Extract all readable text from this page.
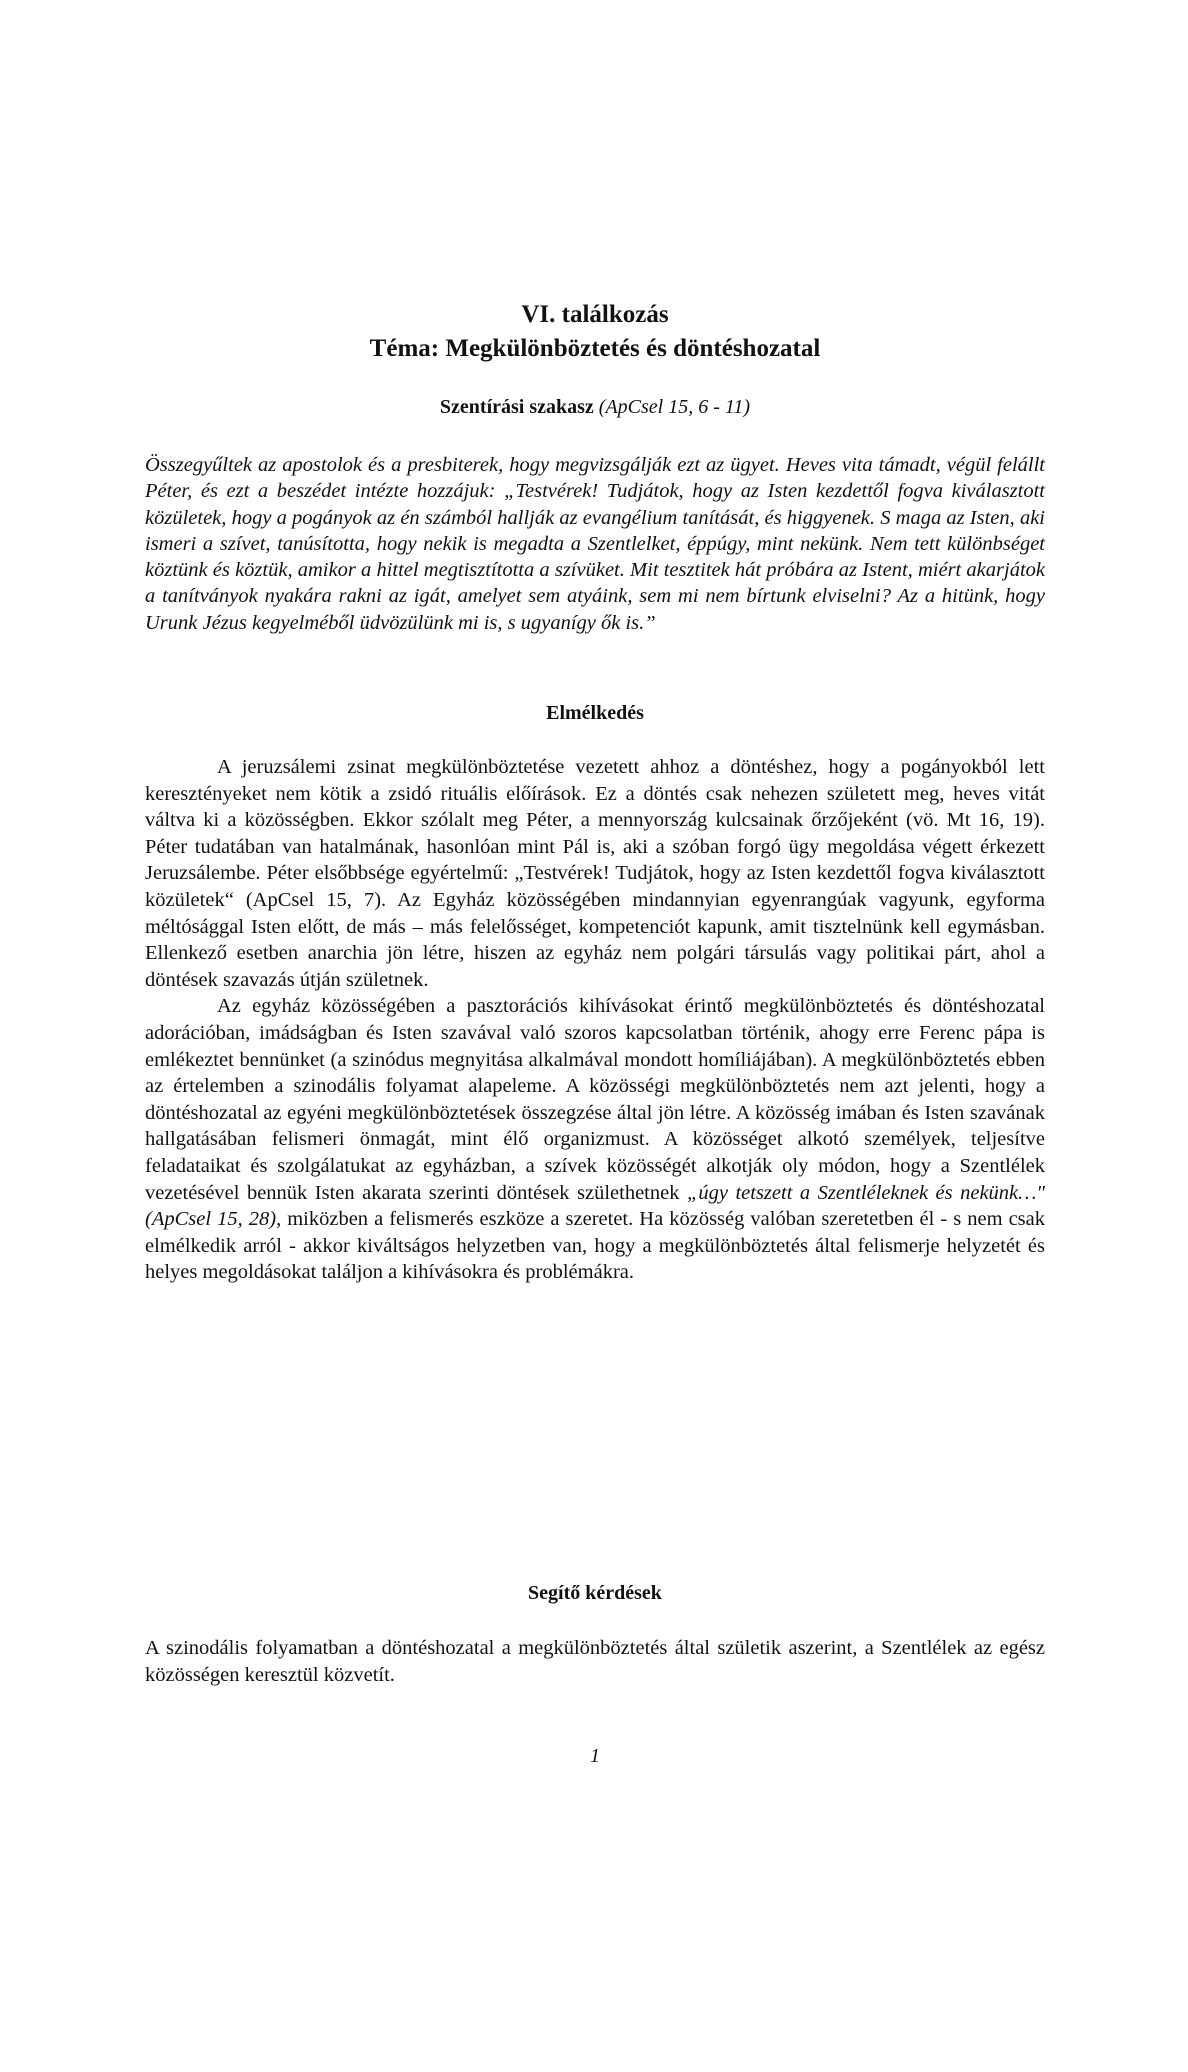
VI. találkozás
Téma: Megkülönböztetés és döntéshozatal
Szentírási szakasz (ApCsel 15, 6 - 11)
Összegyűltek az apostolok és a presbiterek, hogy megvizsgálják ezt az ügyet. Heves vita támadt, végül felállt Péter, és ezt a beszédet intézte hozzájuk: „Testvérek! Tudjátok, hogy az Isten kezdettől fogva kiválasztott közületek, hogy a pogányok az én számból hallják az evangélium tanítását, és higgyenek. S maga az Isten, aki ismeri a szívet, tanúsította, hogy nekik is megadta a Szentlelket, éppúgy, mint nekünk. Nem tett különbséget köztünk és köztük, amikor a hittel megtisztította a szívüket. Mit tesztitek hát próbára az Istent, miért akarjátok a tanítványok nyakára rakni az igát, amelyet sem atyáink, sem mi nem bírtunk elviselni? Az a hitünk, hogy Urunk Jézus kegyelméből üdvözülünk mi is, s ugyanígy ők is.”
Elmélkedés

A jeruzsálemi zsinat megkülönböztetése vezetett ahhoz a döntéshez, hogy a pogányokból lett keresztényeket nem kötik a zsidó rituális előírások. Ez a döntés csak nehezen született meg, heves vitát váltva ki a közösségben. Ekkor szólalt meg Péter, a mennyország kulcsainak őrzőjeként (vö. Mt 16, 19). Péter tudatában van hatalmának, hasonlóan mint Pál is, aki a szóban forgó ügy megoldása végett érkezett Jeruzsálembe. Péter elsőbbsége egyértelmű: „Testvérek! Tudjátok, hogy az Isten kezdettől fogva kiválasztott közületek“ (ApCsel 15, 7). Az Egyház közösségében mindannyian egyenrangúak vagyunk, egyforma méltósággal Isten előtt, de más – más felelősséget, kompetenciót kapunk, amit tisztelnünk kell egymásban. Ellenkező esetben anarchia jön létre, hiszen az egyház nem polgári társulás vagy politikai párt, ahol a döntések szavazás útján születnek.

Az egyház közösségében a pasztorációs kihívásokat érintő megkülönböztetés és döntéshozatal adorációban, imádságban és Isten szavával való szoros kapcsolatban történik, ahogy erre Ferenc pápa is emlékeztet bennünket (a szinódus megnyitása alkalmával mondott homíliájában). A megkülönböztetés ebben az értelemben a szinodális folyamat alapeleme. A közösségi megkülönböztetés nem azt jelenti, hogy a döntéshozatal az egyéni megkülönböztetések összegzése által jön létre. A közösség imában és Isten szavának hallgatásában felismeri önmagát, mint élő organizmust. A közösséget alkotó személyek, teljesítve feladataikat és szolgálatukat az egyházban, a szívek közösségét alkotják oly módon, hogy a Szentlélek vezetésével bennük Isten akarata szerinti döntések születhetnek „úgy tetszett a Szentléleknek és nekünk…" (ApCsel 15, 28), miközben a felismerés eszköze a szeretet. Ha közösség valóban szeretetben él - s nem csak elmélkedik arról - akkor kiváltságos helyzetben van, hogy a megkülönböztetés által felismerje helyzetét és helyes megoldásokat találjon a kihívásokra és problémákra.

Segítő kérdések
A szinodális folyamatban a döntéshozatal a megkülönböztetés által születik aszerint, a Szentlélek az egész közösségen keresztül közvetít.
1
